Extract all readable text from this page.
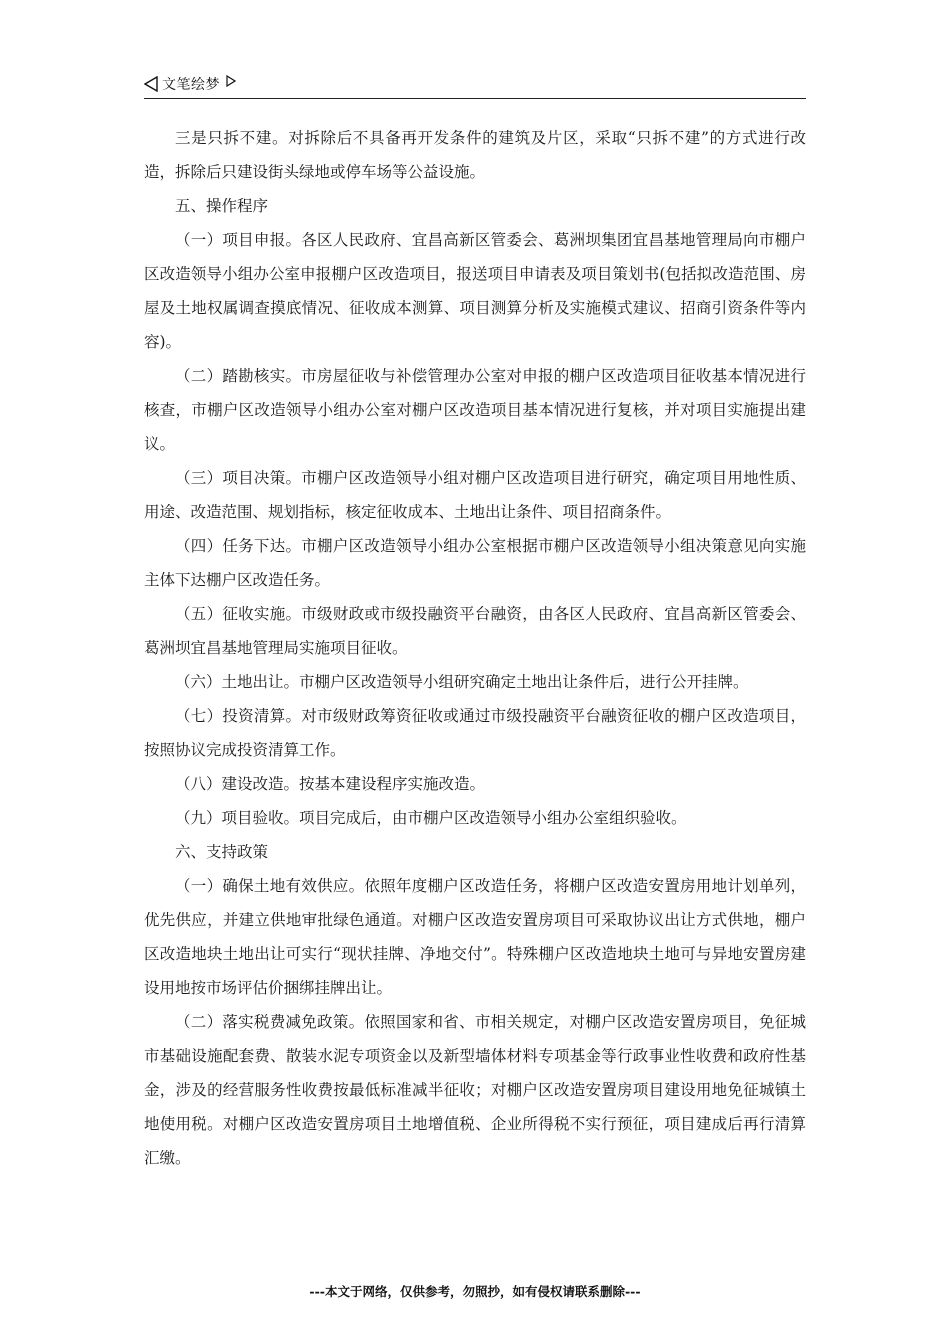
文笔绘梦

三是只拆不建。对拆除后不具备再开发条件的建筑及片区，采取“只拆不建”的方式进行改造，拆除后只建设街头绿地或停车场等公益设施。

五、操作程序

（一）项目申报。各区人民政府、宜昌高新区管委会、葛洲坝集团宜昌基地管理局向市棚户区改造领导小组办公室申报棚户区改造项目，报送项目申请表及项目策划书(包括拟改造范围、房屋及土地权属调查摸底情况、征收成本测算、项目测算分析及实施模式建议、招商引资条件等内容)。

（二）踏勘核实。市房屋征收与补偿管理办公室对申报的棚户区改造项目征收基本情况进行核查，市棚户区改造领导小组办公室对棚户区改造项目基本情况进行复核，并对项目实施提出建议。

（三）项目决策。市棚户区改造领导小组对棚户区改造项目进行研究，确定项目用地性质、用途、改造范围、规划指标，核定征收成本、土地出让条件、项目招商条件。

（四）任务下达。市棚户区改造领导小组办公室根据市棚户区改造领导小组决策意见向实施主体下达棚户区改造任务。

（五）征收实施。市级财政或市级投融资平台融资，由各区人民政府、宜昌高新区管委会、葛洲坝宜昌基地管理局实施项目征收。

（六）土地出让。市棚户区改造领导小组研究确定土地出让条件后，进行公开挂牌。

（七）投资清算。对市级财政筹资征收或通过市级投融资平台融资征收的棚户区改造项目，按照协议完成投资清算工作。

（八）建设改造。按基本建设程序实施改造。

（九）项目验收。项目完成后，由市棚户区改造领导小组办公室组织验收。

六、支持政策

（一）确保土地有效供应。依照年度棚户区改造任务，将棚户区改造安置房用地计划单列，优先供应，并建立供地审批绿色通道。对棚户区改造安置房项目可采取协议出让方式供地，棚户区改造地块土地出让可实行“现状挂牌、净地交付”。特殊棚户区改造地块土地可与异地安置房建设用地按市场评估价捆绑挂牌出让。

（二）落实税费减免政策。依照国家和省、市相关规定，对棚户区改造安置房项目，免征城市基础设施配套费、散装水泥专项资金以及新型墙体材料专项基金等行政事业性收费和政府性基金，涉及的经营服务性收费按最低标准减半征收；对棚户区改造安置房项目建设用地免征城镇土地使用税。对棚户区改造安置房项目土地增值税、企业所得税不实行预征，项目建成后再行清算汇缴。

---本文于网络，仅供参考，勿照抄，如有侵权请联系删除---
